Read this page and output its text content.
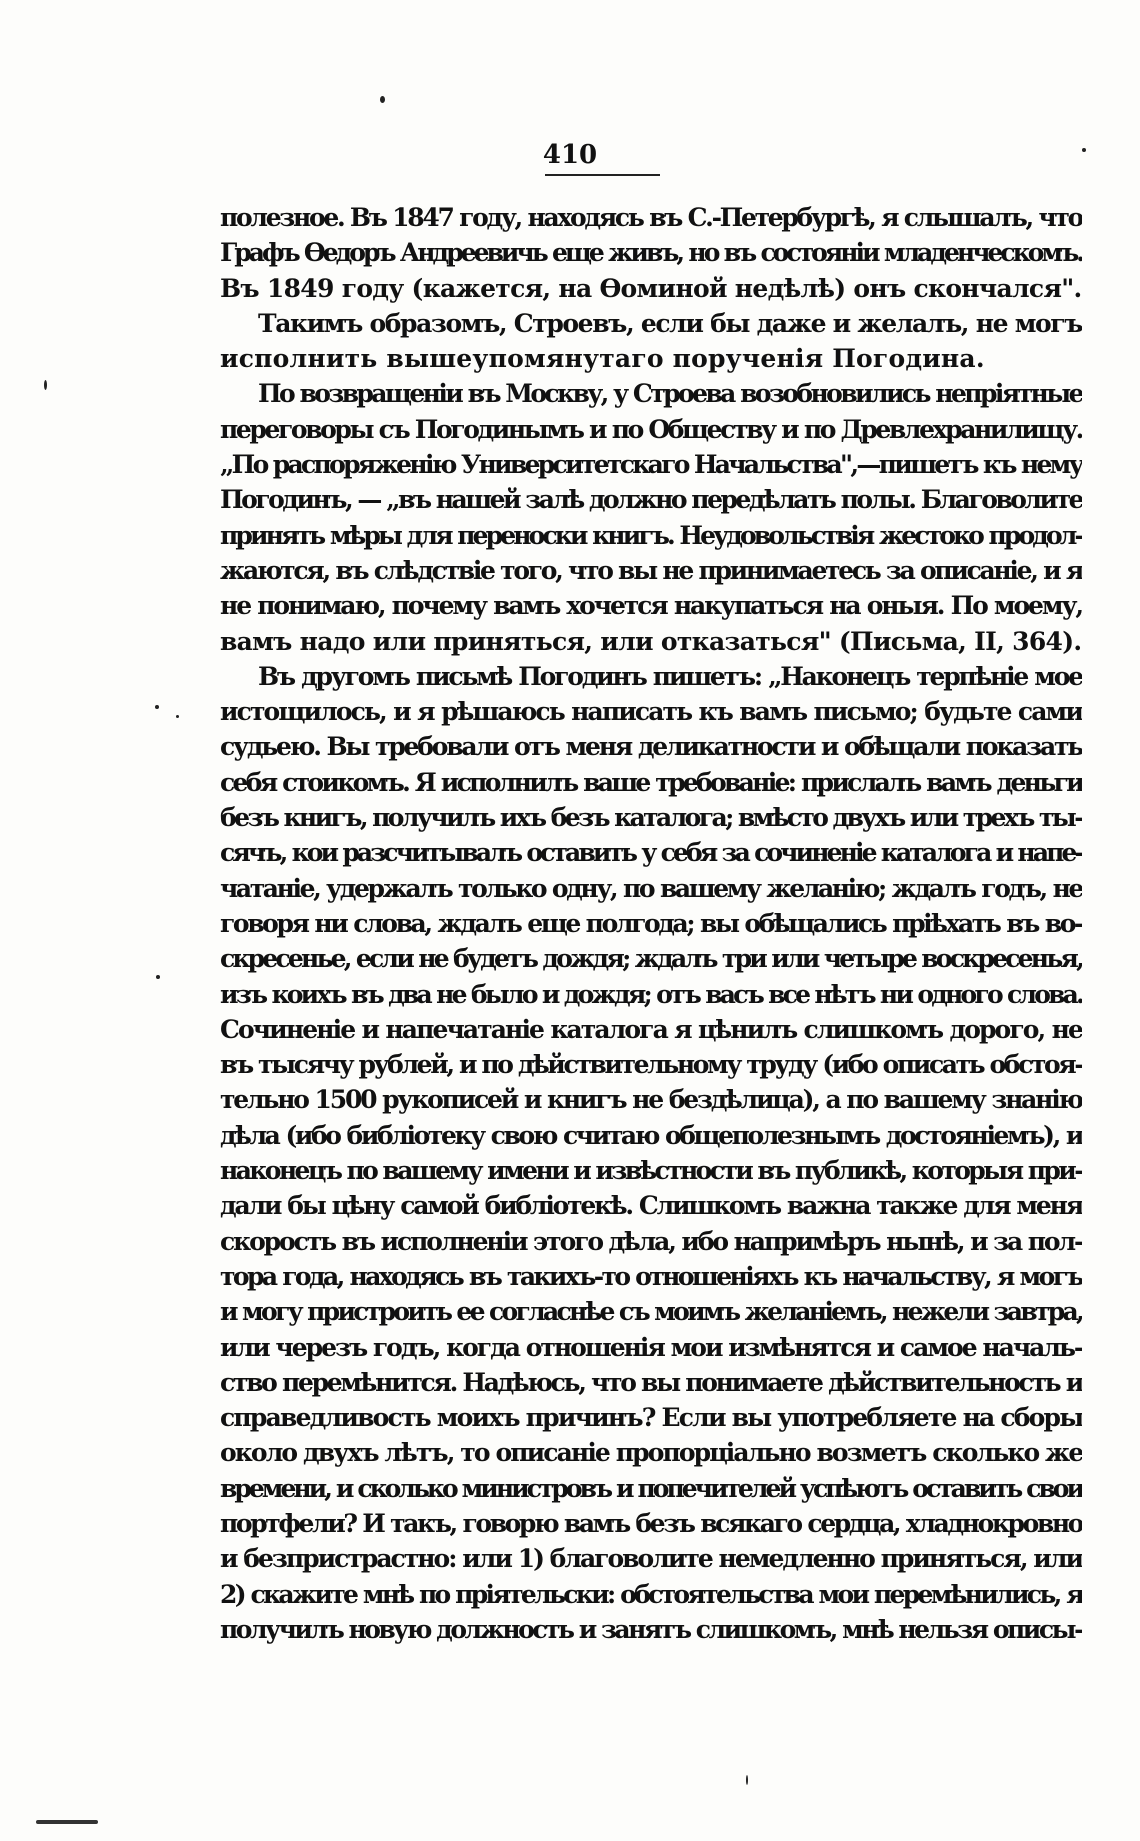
410
полезное. Въ 1847 году, находясь въ С.-Петербургѣ, я слышалъ, что
Графъ Ѳедоръ Андреевичь еще живъ, но въ состояніи младенческомъ.
Въ 1849 году (кажется, на Ѳоминой недѣлѣ) онъ скончался".
Такимъ образомъ, Строевъ, если бы даже и желалъ, не могъ
исполнить вышеупомянутаго порученія Погодина.
По возвращеніи въ Москву, у Строева возобновились непріятные
переговоры съ Погодинымъ и по Обществу и по Древлехранилищу.
„По распоряженію Университетскаго Начальства",—пишетъ къ нему
Погодинъ, — „въ нашей залѣ должно передѣлать полы. Благоволите
принять мѣры для переноски книгъ. Неудовольствія жестоко продол-
жаются, въ слѣдствіе того, что вы не принимаетесь за описаніе, и я
не понимаю, почему вамъ хочется накупаться на оныя. По моему,
вамъ надо или приняться, или отказаться" (Письма, II, 364).
Въ другомъ письмѣ Погодинъ пишетъ: „Наконецъ терпѣніе мое
истощилось, и я рѣшаюсь написать къ вамъ письмо; будьте сами
судьею. Вы требовали отъ меня деликатности и обѣщали показать
себя стоикомъ. Я исполнилъ ваше требованіе: прислалъ вамъ деньги
безъ книгъ, получилъ ихъ безъ каталога; вмѣсто двухъ или трехъ ты-
сячъ, кои разсчитывалъ оставить у себя за сочиненіе каталога и напе-
чатаніе, удержалъ только одну, по вашему желанію; ждалъ годъ, не
говоря ни слова, ждалъ еще полгода; вы обѣщались пріѣхать въ во-
скресенье, если не будетъ дождя; ждалъ три или четыре воскресенья,
изъ коихъ въ два не было и дождя; отъ васъ все нѣтъ ни одного слова.
Сочиненіе и напечатаніе каталога я цѣнилъ слишкомъ дорого, не
въ тысячу рублей, и по дѣйствительному труду (ибо описать обстоя-
тельно 1500 рукописей и книгъ не бездѣлица), а по вашему знанію
дѣла (ибо библіотеку свою считаю общеполезнымъ достояніемъ), и
наконецъ по вашему имени и извѣстности въ публикѣ, которыя при-
дали бы цѣну самой библіотекѣ. Слишкомъ важна также для меня
скорость въ исполненіи этого дѣла, ибо напримѣръ нынѣ, и за пол-
тора года, находясь въ такихъ-то отношеніяхъ къ начальству, я могъ
и могу пристроить ее согласнѣе съ моимъ желаніемъ, нежели завтра,
или черезъ годъ, когда отношенія мои измѣнятся и самое началь-
ство перемѣнится. Надѣюсь, что вы понимаете дѣйствительность и
справедливость моихъ причинъ? Если вы употребляете на сборы
около двухъ лѣтъ, то описаніе пропорціально возметъ сколько же
времени, и сколько министровъ и попечителей успѣютъ оставить свои
портфели? И такъ, говорю вамъ безъ всякаго сердца, хладнокровно
и безпристрастно: или 1) благоволите немедленно приняться, или
2) скажите мнѣ по пріятельски: обстоятельства мои перемѣнились, я
получилъ новую должность и занятъ слишкомъ, мнѣ нельзя описы-
